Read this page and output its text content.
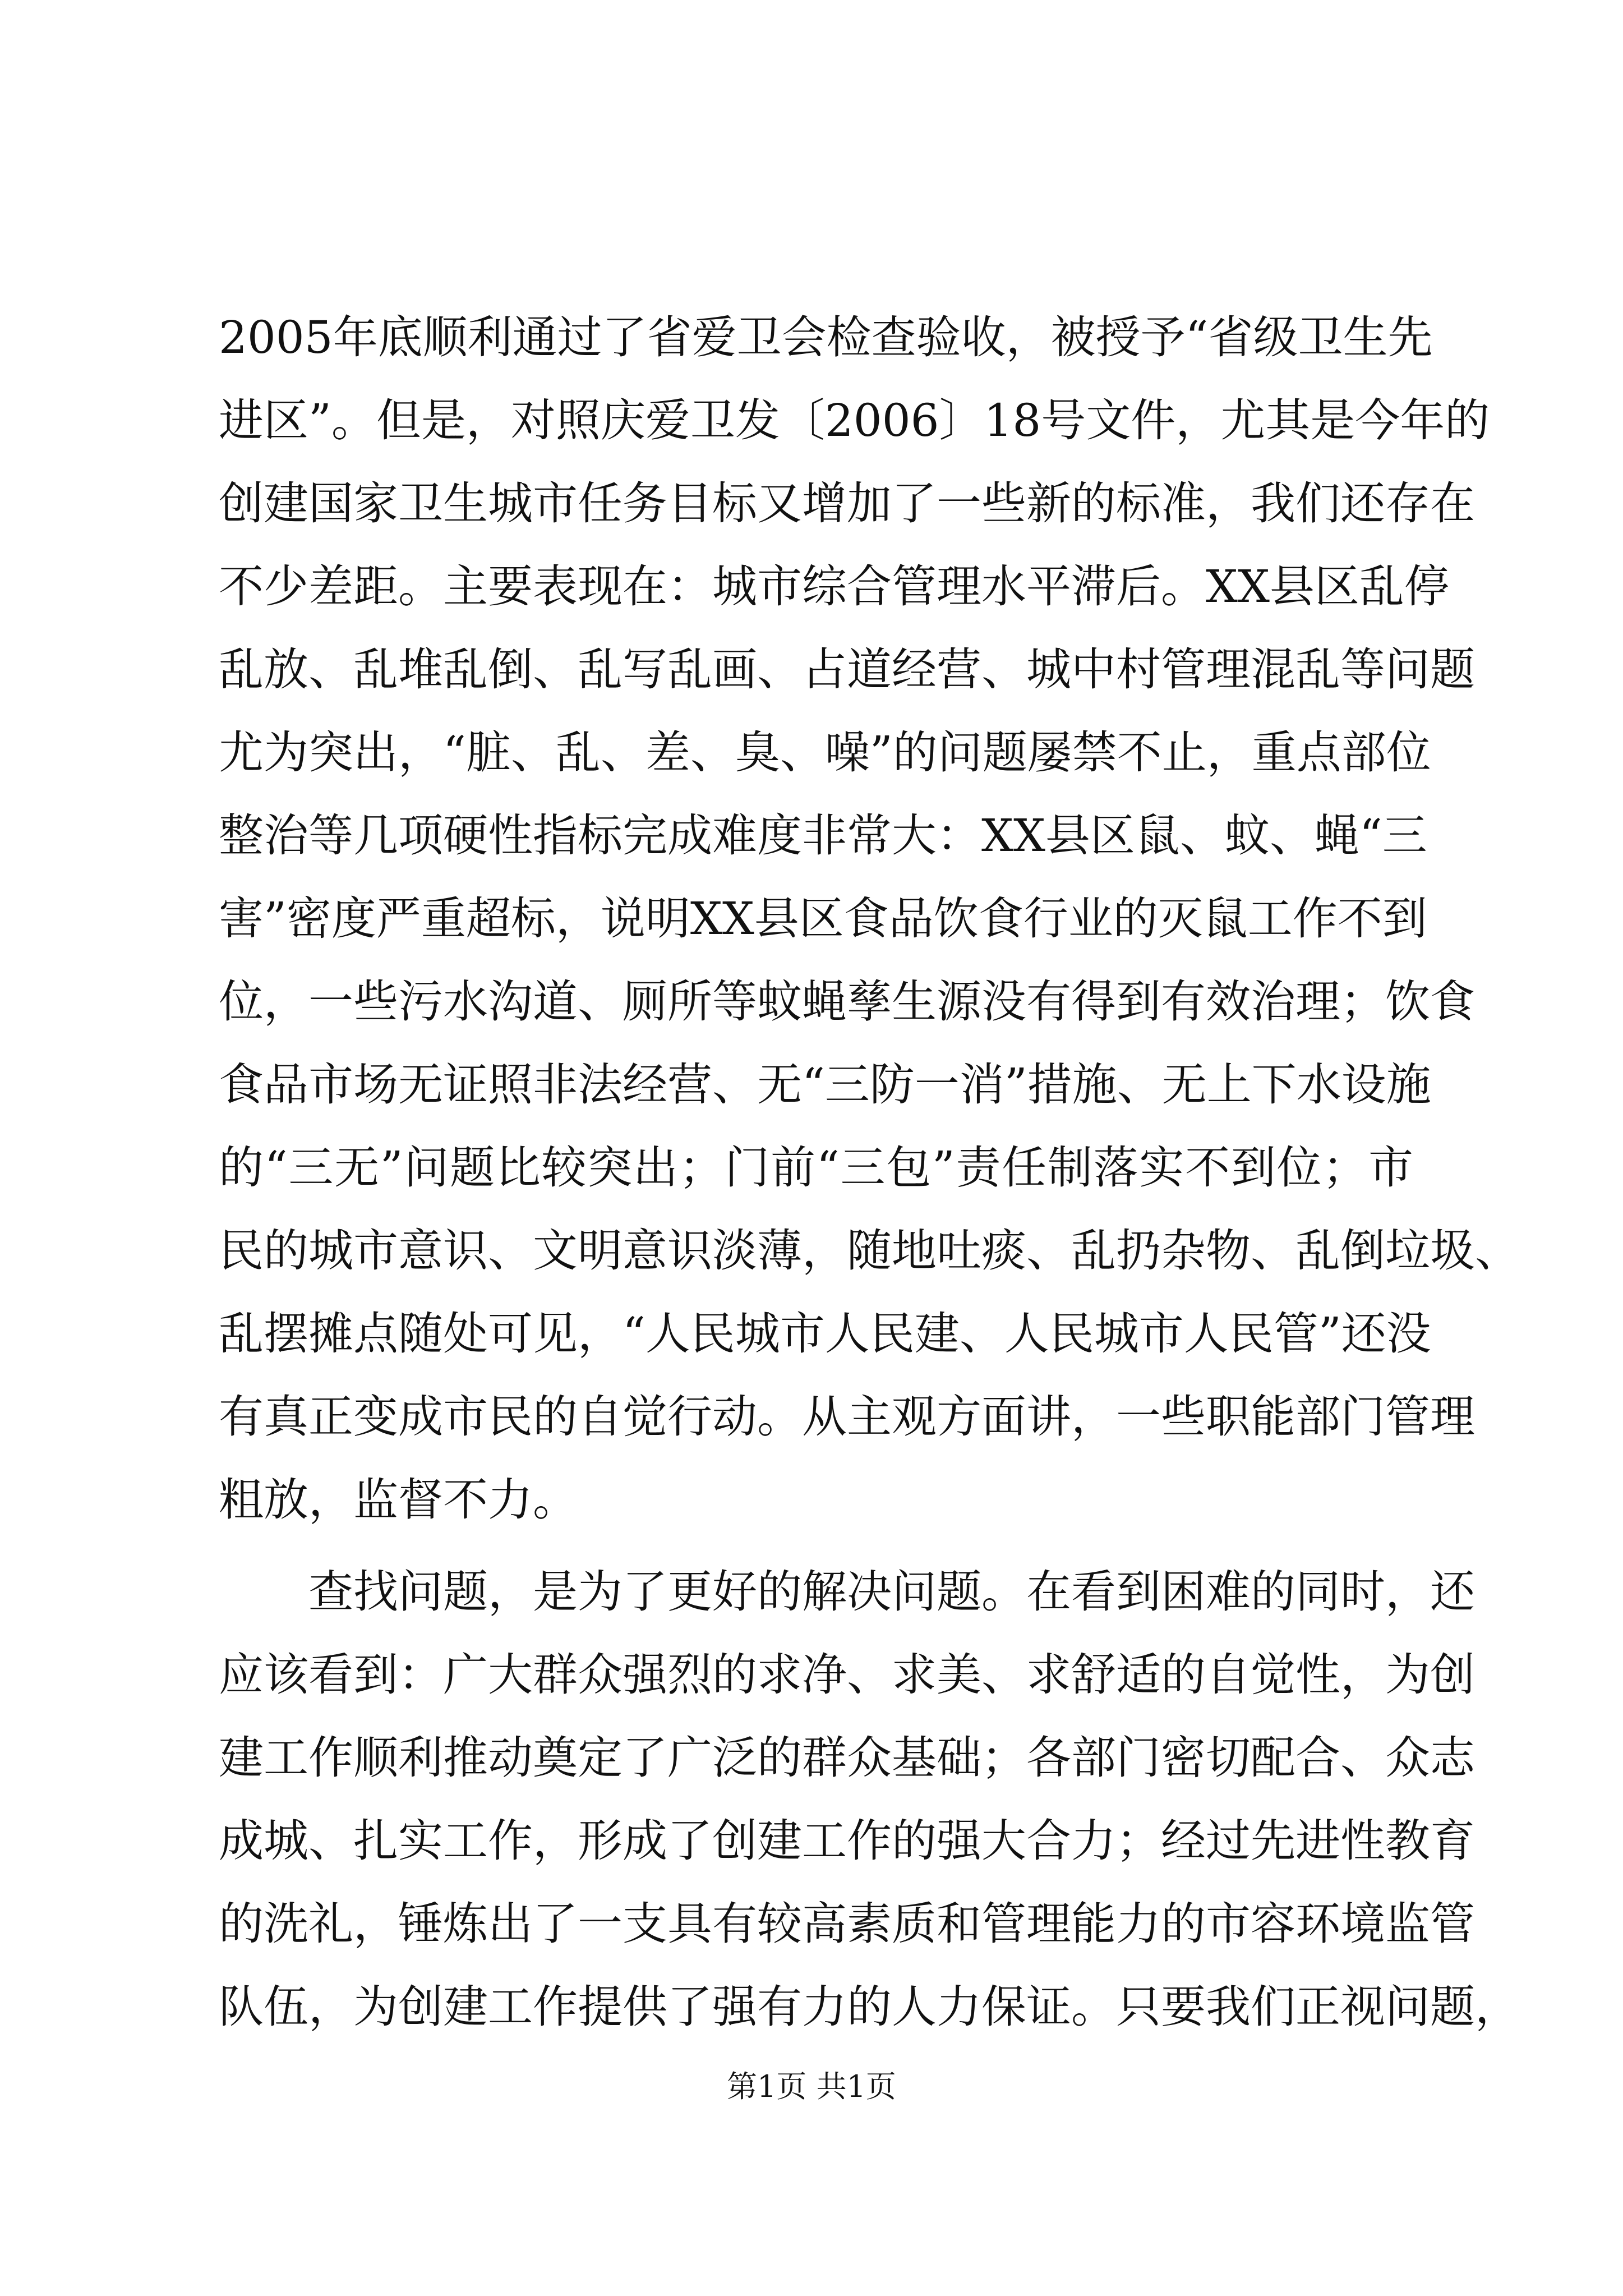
2005年底顺利通过了省爱卫会检查验收，被授予“省级卫生先
进区”。但是，对照庆爱卫发〔2006〕18号文件，尤其是今年的
创建国家卫生城市任务目标又增加了一些新的标准，我们还存在
不少差距。主要表现在：城市综合管理水平滞后。XX县区乱停
乱放、乱堆乱倒、乱写乱画、占道经营、城中村管理混乱等问题
尤为突出，“脏、乱、差、臭、噪”的问题屡禁不止，重点部位
整治等几项硬性指标完成难度非常大：XX县区鼠、蚊、蝇“三
害”密度严重超标，说明XX县区食品饮食行业的灭鼠工作不到
位，一些污水沟道、厕所等蚊蝇孳生源没有得到有效治理；饮食
食品市场无证照非法经营、无“三防一消”措施、无上下水设施
的“三无”问题比较突出；门前“三包”责任制落实不到位；市
民的城市意识、文明意识淡薄，随地吐痰、乱扔杂物、乱倒垃圾、
乱摆摊点随处可见，“人民城市人民建、人民城市人民管”还没
有真正变成市民的自觉行动。从主观方面讲，一些职能部门管理
粗放，监督不力。
查找问题，是为了更好的解决问题。在看到困难的同时，还
应该看到：广大群众强烈的求净、求美、求舒适的自觉性，为创
建工作顺利推动奠定了广泛的群众基础；各部门密切配合、众志
成城、扎实工作，形成了创建工作的强大合力；经过先进性教育
的洗礼，锤炼出了一支具有较高素质和管理能力的市容环境监管
队伍，为创建工作提供了强有力的人力保证。只要我们正视问题，
第1页 共1页
